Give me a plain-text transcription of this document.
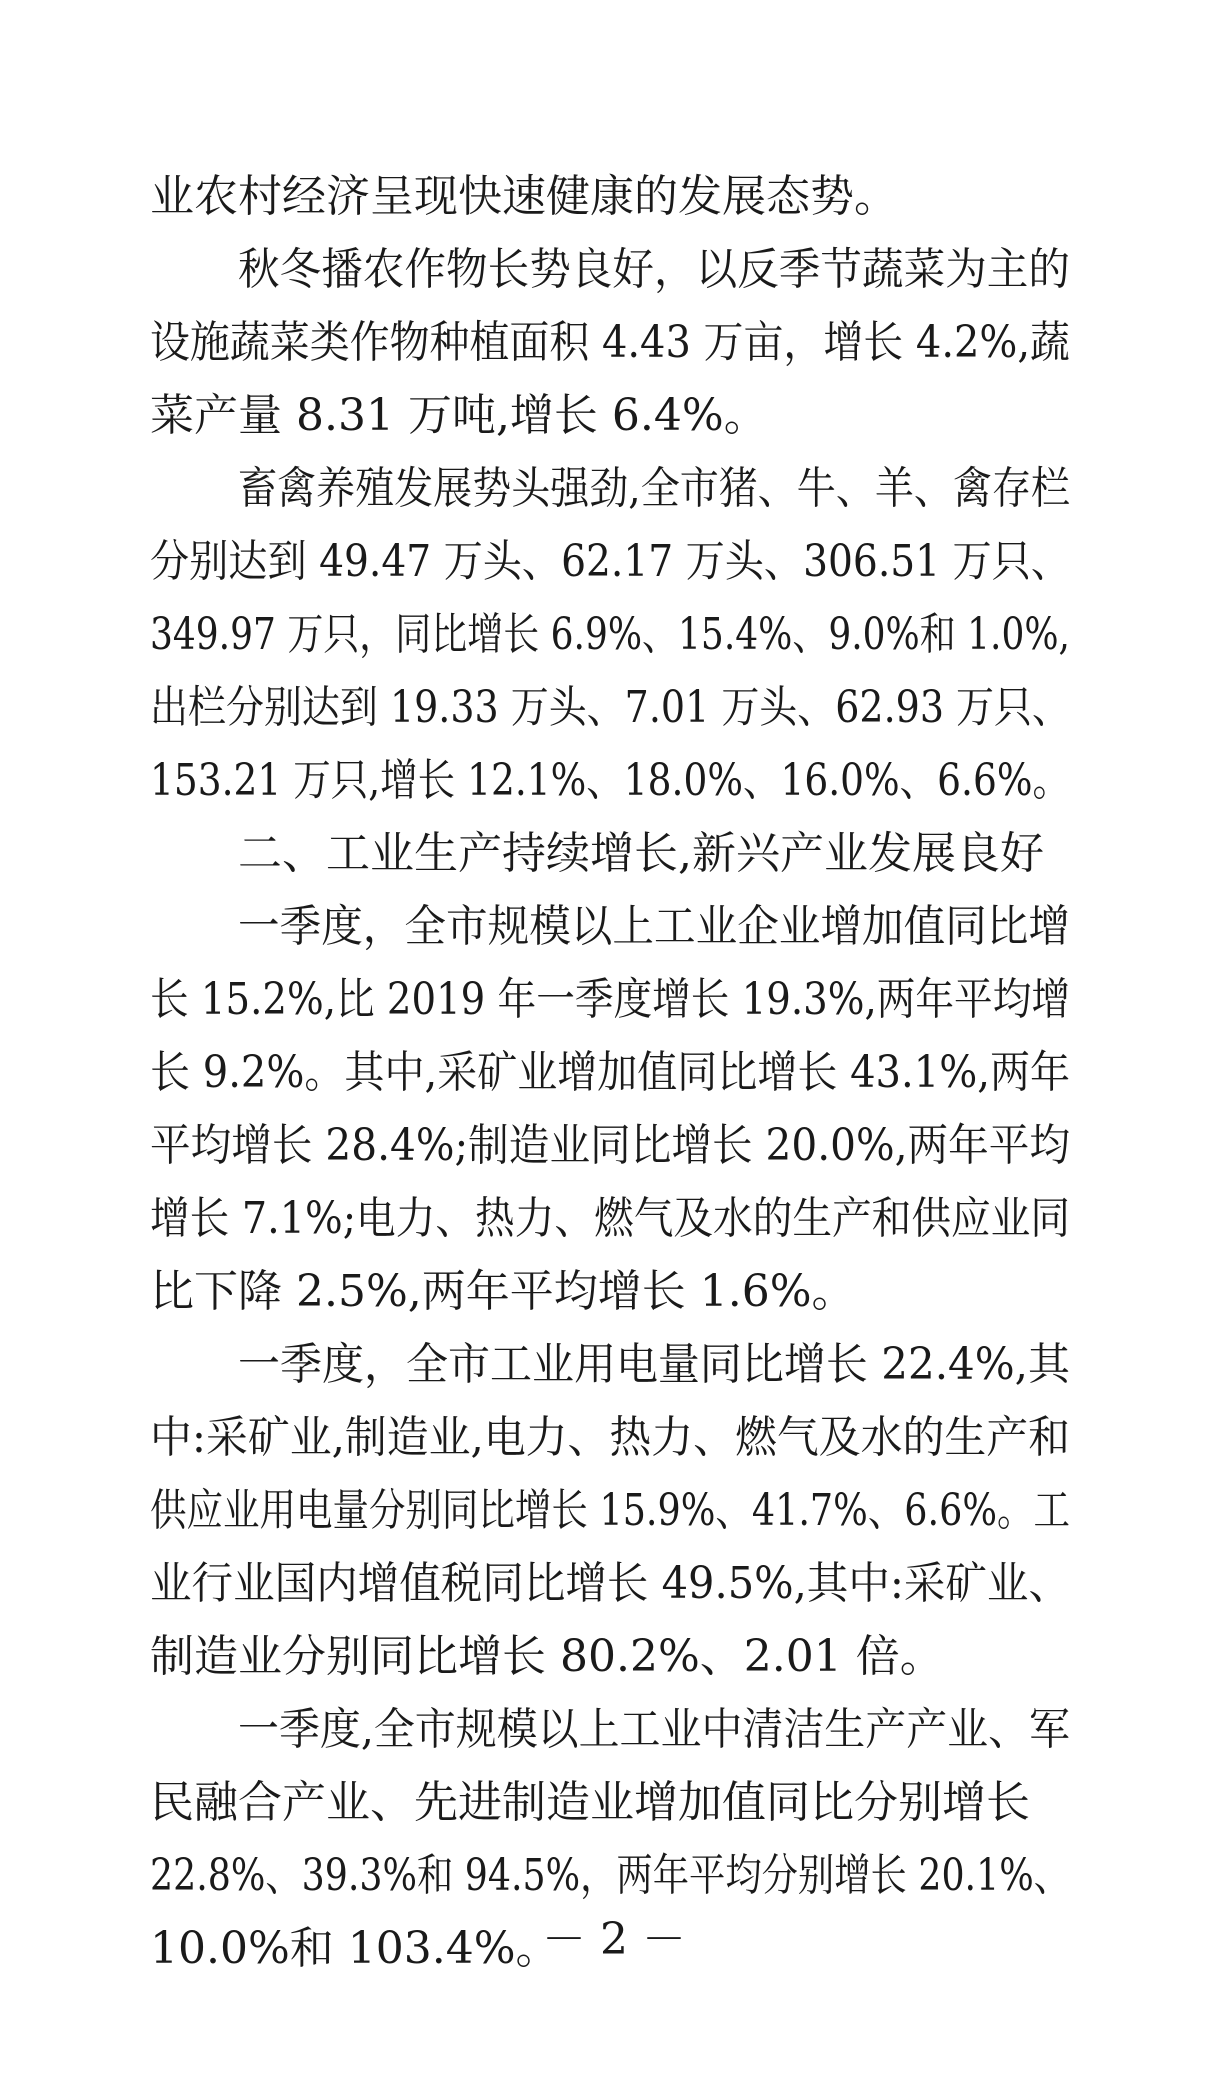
业农村经济呈现快速健康的发展态势。
秋冬播农作物长势良好，以反季节蔬菜为主的
设施蔬菜类作物种植面积 4.43 万亩，增长 4.2%,蔬
菜产量 8.31 万吨,增长 6.4%。
畜禽养殖发展势头强劲,全市猪、牛、羊、禽存栏
分别达到 49.47 万头、62.17 万头、306.51 万只、
349.97 万只，同比增长 6.9%、15.4%、9.0%和 1.0%,
出栏分别达到 19.33 万头、7.01 万头、62.93 万只、
153.21 万只,增长 12.1%、18.0%、16.0%、6.6%。
二、工业生产持续增长,新兴产业发展良好
一季度，全市规模以上工业企业增加值同比增
长 15.2%,比 2019 年一季度增长 19.3%,两年平均增
长 9.2%。其中,采矿业增加值同比增长 43.1%,两年
平均增长 28.4%;制造业同比增长 20.0%,两年平均
增长 7.1%;电力、热力、燃气及水的生产和供应业同
比下降 2.5%,两年平均增长 1.6%。
一季度，全市工业用电量同比增长 22.4%,其
中:采矿业,制造业,电力、热力、燃气及水的生产和
供应业用电量分别同比增长 15.9%、41.7%、6.6%。工
业行业国内增值税同比增长 49.5%,其中:采矿业、
制造业分别同比增长 80.2%、2.01 倍。
一季度,全市规模以上工业中清洁生产产业、军
民融合产业、先进制造业增加值同比分别增长
22.8%、39.3%和 94.5%，两年平均分别增长 20.1%、
10.0%和 103.4%。
－ 2 －
